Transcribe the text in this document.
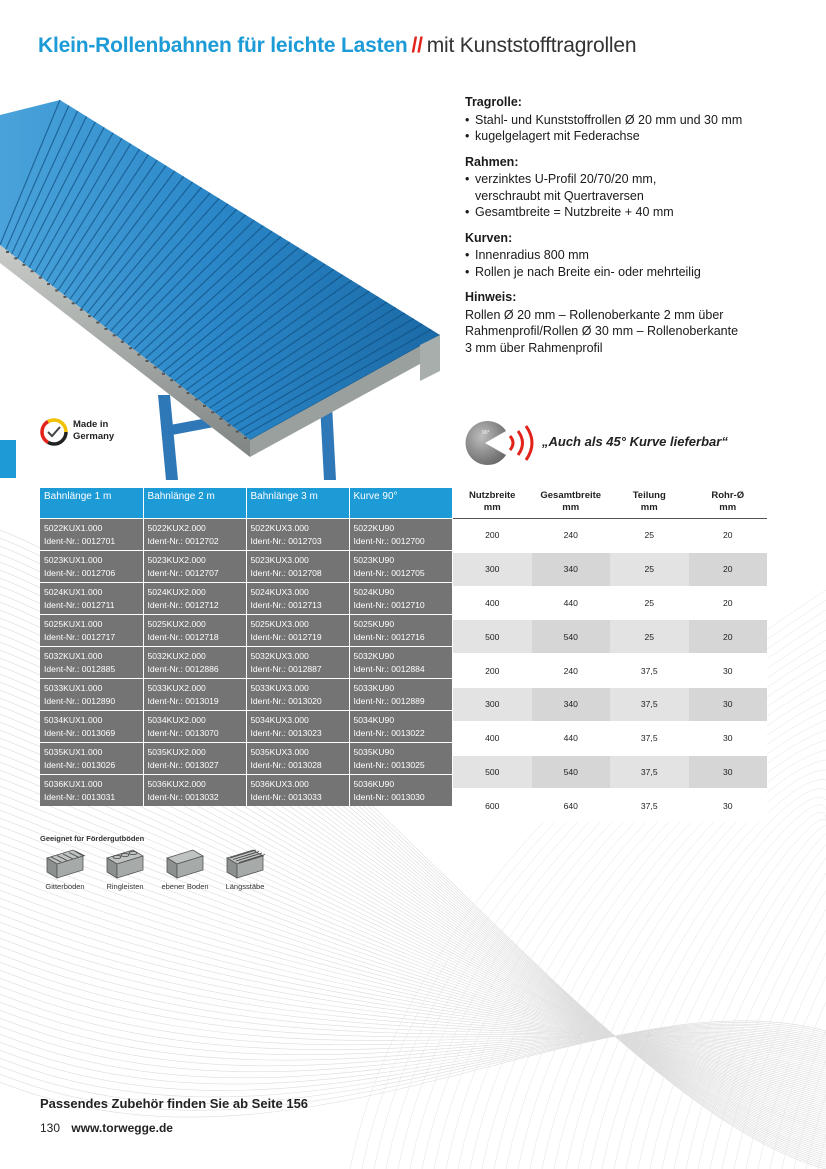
Klein-Rollenbahnen für leichte Lasten // mit Kunststofftragrollen
Made in
Germany
Tragrolle:
• Stahl- und Kunststoffrollen Ø 20 mm und 30 mm
• kugelgelagert mit Federachse
Rahmen:
• verzinktes U-Profil 20/70/20 mm, verschraubt mit Quertraversen
• Gesamtbreite = Nutzbreite + 40 mm
Kurven:
• Innenradius 800 mm
• Rollen je nach Breite ein- oder mehrteilig
Hinweis:
Rollen Ø 20 mm – Rollenoberkante 2 mm über Rahmenprofil/Rollen Ø 30 mm – Rollenoberkante 3 mm über Rahmenprofil
90°
„Auch als 45° Kurve lieferbar“
Bahnlänge 1 m	Bahnlänge 2 m	Bahnlänge 3 m	Kurve 90°

5022KUX1.000
Ident-Nr.: 0012701	5022KUX2.000
Ident-Nr.: 0012702	5022KUX3.000
Ident-Nr.: 0012703	5022KU90
Ident-Nr.: 0012700

5023KUX1.000
Ident-Nr.: 0012706	5023KUX2.000
Ident-Nr.: 0012707	5023KUX3.000
Ident-Nr.: 0012708	5023KU90
Ident-Nr.: 0012705

5024KUX1.000
Ident-Nr.: 0012711	5024KUX2.000
Ident-Nr.: 0012712	5024KUX3.000
Ident-Nr.: 0012713	5024KU90
Ident-Nr.: 0012710

5025KUX1.000
Ident-Nr.: 0012717	5025KUX2.000
Ident-Nr.: 0012718	5025KUX3.000
Ident-Nr.: 0012719	5025KU90
Ident-Nr.: 0012716

5032KUX1.000
Ident-Nr.: 0012885	5032KUX2.000
Ident-Nr.: 0012886	5032KUX3.000
Ident-Nr.: 0012887	5032KU90
Ident-Nr.: 0012884

5033KUX1.000
Ident-Nr.: 0012890	5033KUX2.000
Ident-Nr.: 0013019	5033KUX3.000
Ident-Nr.: 0013020	5033KU90
Ident-Nr.: 0012889

5034KUX1.000
Ident-Nr.: 0013069	5034KUX2.000
Ident-Nr.: 0013070	5034KUX3.000
Ident-Nr.: 0013023	5034KU90
Ident-Nr.: 0013022

5035KUX1.000
Ident-Nr.: 0013026	5035KUX2.000
Ident-Nr.: 0013027	5035KUX3.000
Ident-Nr.: 0013028	5035KU90
Ident-Nr.: 0013025

5036KUX1.000
Ident-Nr.: 0013031	5036KUX2.000
Ident-Nr.: 0013032	5036KUX3.000
Ident-Nr.: 0013033	5036KU90
Ident-Nr.: 0013030
Nutzbreite
mm	Gesamtbreite
mm	Teilung
mm	Rohr-Ø
mm
200	240	25	20
300	340	25	20
400	440	25	20
500	540	25	20
200	240	37,5	30
300	340	37,5	30
400	440	37,5	30
500	540	37,5	30
600	640	37,5	30
Geeignet für Fördergutböden
Gitterboden	Ringleisten	ebener Boden	Längsstäbe
Passendes Zubehör finden Sie ab Seite 156
130 www.torwegge.de
